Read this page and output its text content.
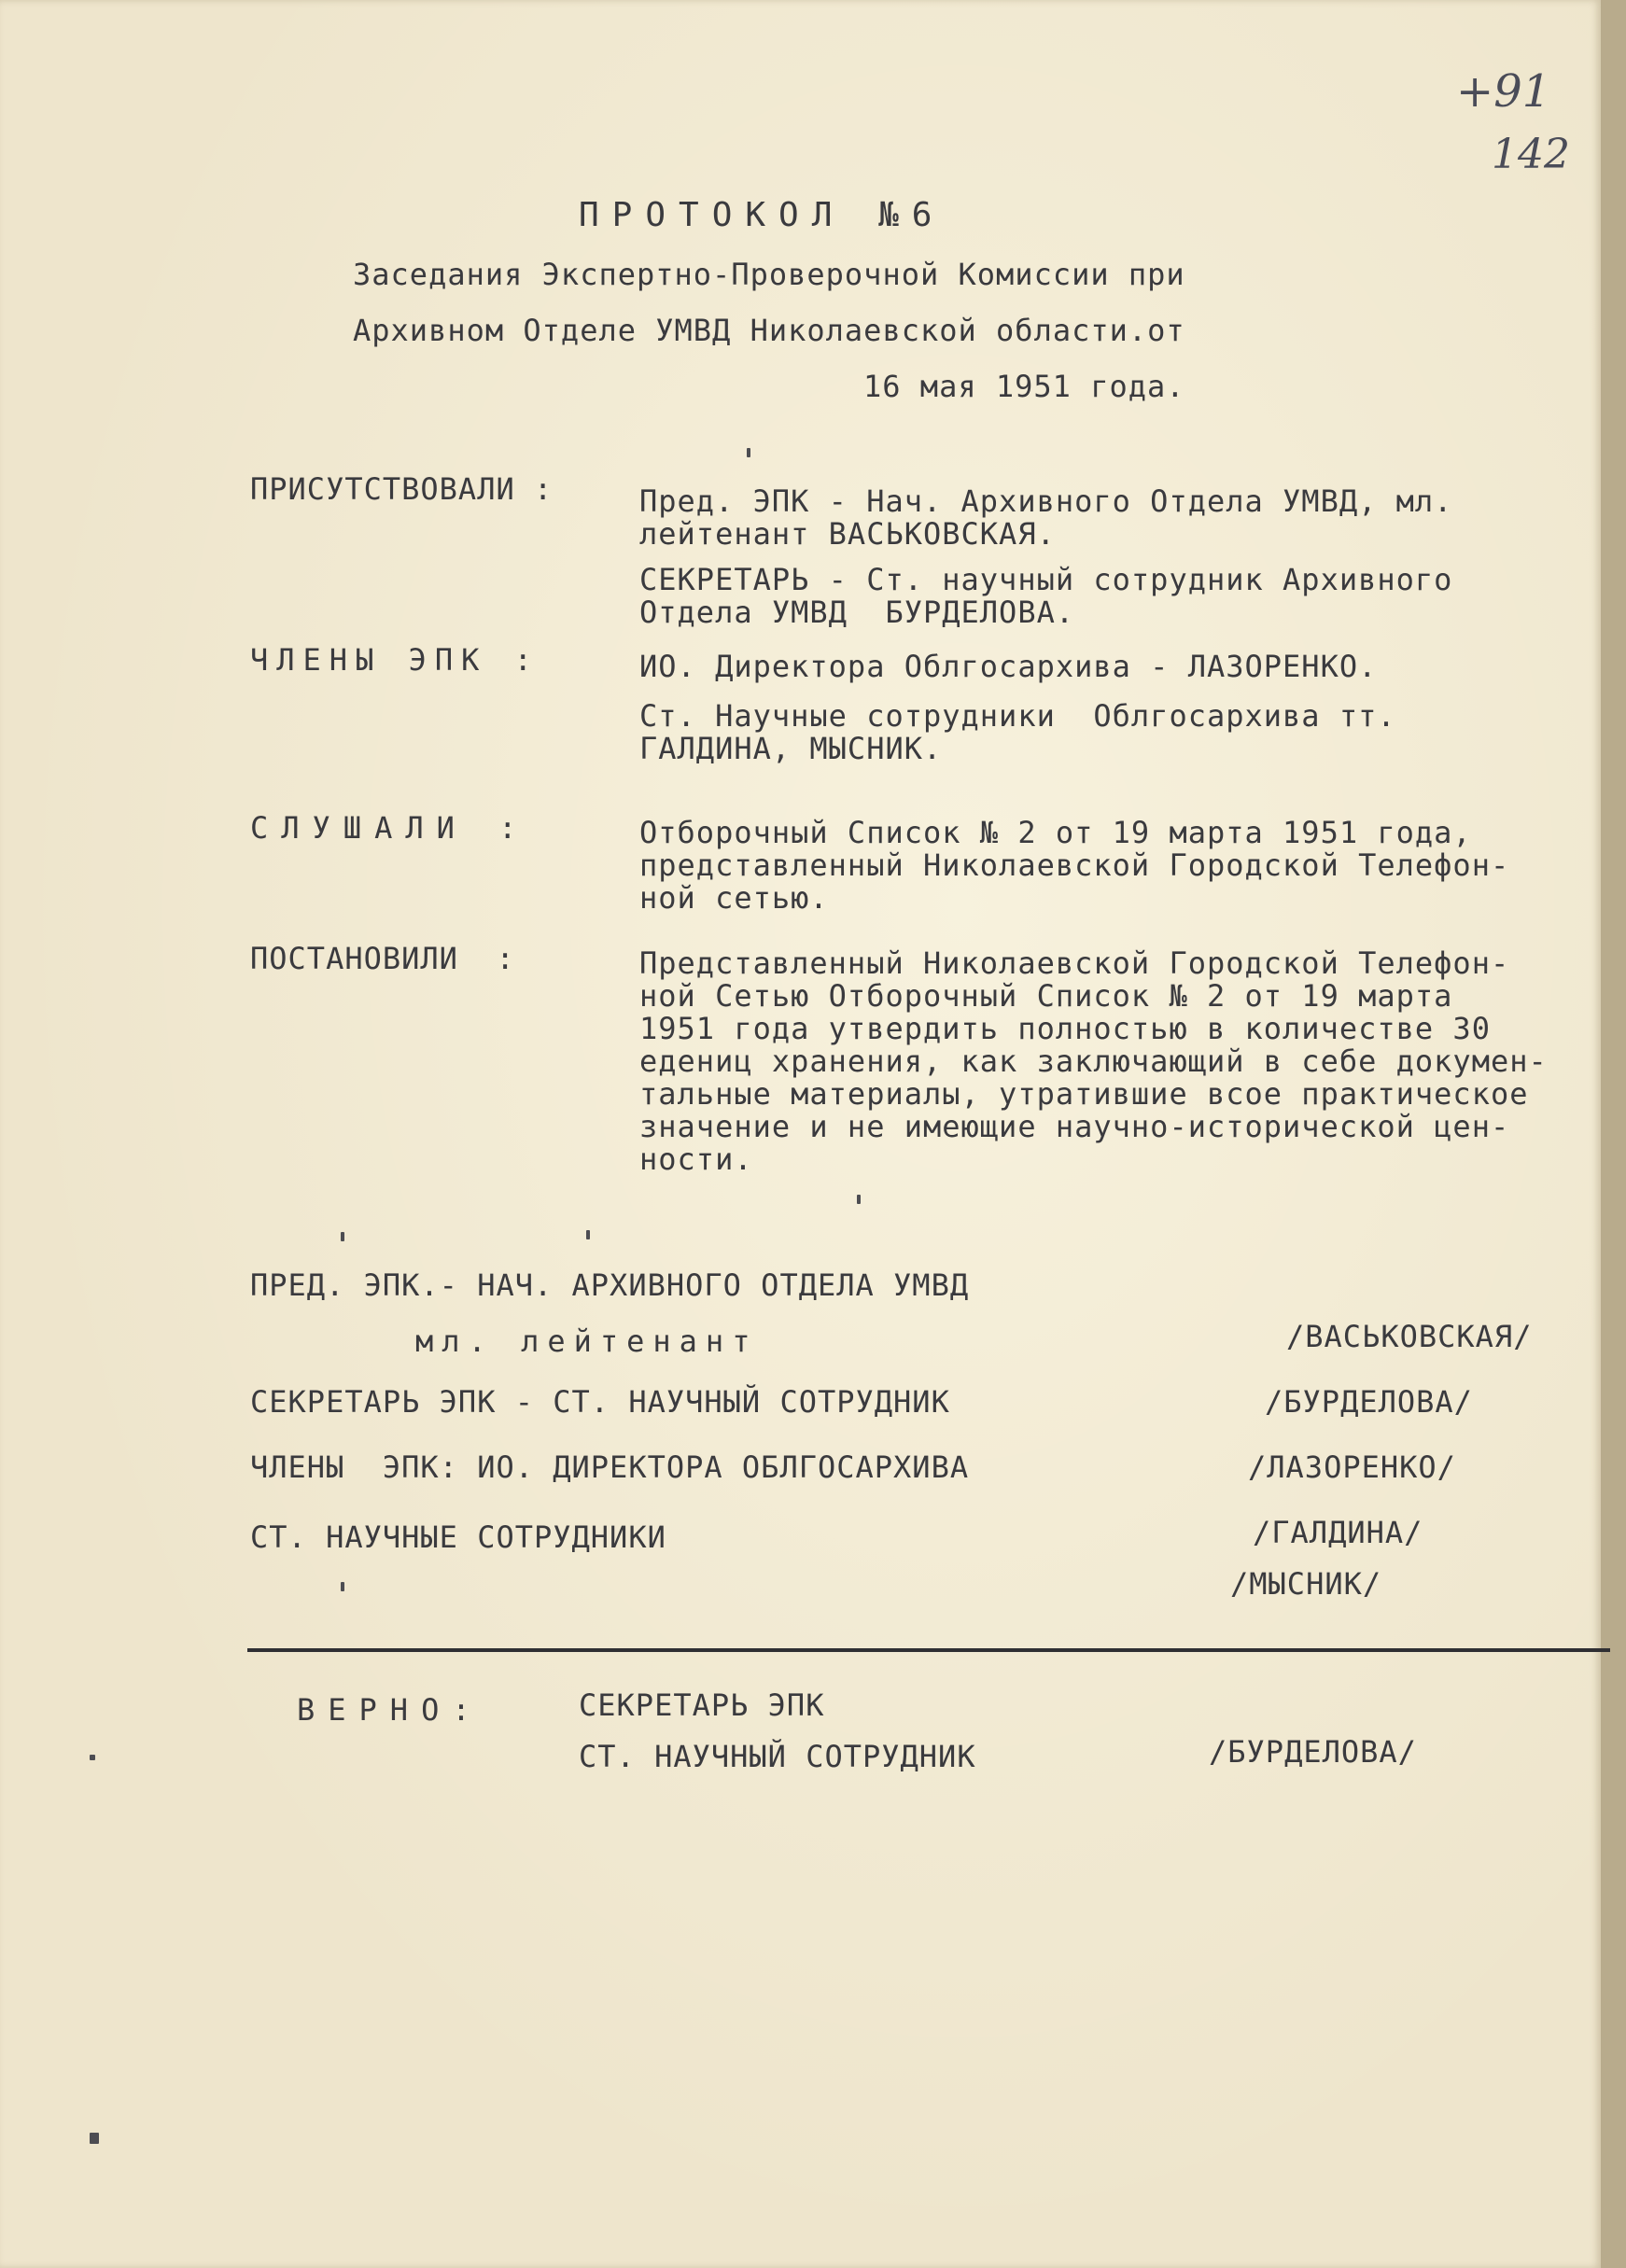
+91
142
ПРОТОКОЛ №6
Заседания Экспертно-Проверочной Комиссии при
Архивном Отделе УМВД Николаевской области.от
16 мая 1951 года.
ПРИСУТСТВОВАЛИ :	Пред. ЭПК - Нач. Архивного Отдела УМВД, мл.
лейтенант ВАСЬКОВСКАЯ.
СЕКРЕТАРЬ - Ст. научный сотрудник Архивного
Отдела УМВД  БУРДЕЛОВА.
ЧЛЕНЫ ЭПК :	ИО. Директора Облгосархива - ЛАЗОРЕНКО.
Ст. Научные сотрудники  Облгосархива тт.
ГАЛДИНА, МЫСНИК.
СЛУШАЛИ :	Отборочный Список № 2 от 19 марта 1951 года,
представленный Николаевской Городской Телефон-
ной сетью.
ПОСТАНОВИЛИ  :	Представленный Николаевской Городской Телефон-
ной Сетью Отборочный Список № 2 от 19 марта
1951 года утвердить полностью в количестве 30
едениц хранения, как заключающий в себе докумен-
тальные материалы, утратившие всое практическое
значение и не имеющие научно-исторической цен-
ности.
ПРЕД. ЭПК.- НАЧ. АРХИВНОГО ОТДЕЛА УМВД
мл. лейтенант	/ВАСЬКОВСКАЯ/
СЕКРЕТАРЬ ЭПК - СТ. НАУЧНЫЙ СОТРУДНИК	/БУРДЕЛОВА/
ЧЛЕНЫ  ЭПК: ИО. ДИРЕКТОРА ОБЛГОСАРХИВА	/ЛАЗОРЕНКО/
СТ. НАУЧНЫЕ СОТРУДНИКИ	/ГАЛДИНА/
/МЫСНИК/
ВЕРНО:	СЕКРЕТАРЬ ЭПК
СТ. НАУЧНЫЙ СОТРУДНИК	/БУРДЕЛОВА/
